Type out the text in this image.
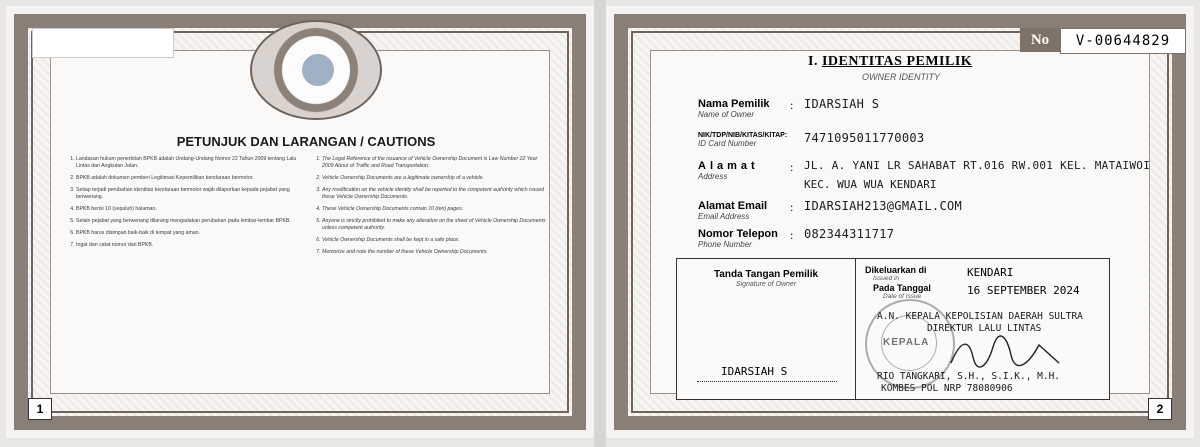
PETUNJUK DAN LARANGAN / CAUTIONS
1. Landasan hukum penerbitan BPKB adalah Undang-Undang Nomor 22 Tahun 2009 tentang Lalu Lintas dan Angkutan Jalan.
2. BPKB adalah dokumen pemberi Legitimasi Kepemilikan kendaraan bermotor.
3. Setiap terjadi perubahan identitas kendaraan bermotor wajib dilaporkan kepada pejabat yang berwenang.
4. BPKB berisi 10 (sepuluh) halaman.
5. Selain pejabat yang berwenang dilarang mengadakan perubahan pada lembar-lembar BPKB.
6. BPKB harus disimpan baik-baik di tempat yang aman.
7. Ingat dan catat nomor dari BPKB.
1. The Legal Reference of the issuance of Vehicle Ownership Document is Law Number 22 Year 2009 About of Traffic and Road Transportation.
2. Vehicle Ownership Documents are a legitimate ownership of a vehicle.
3. Any modification on the vehicle identity shall be reported to the competent authority which issued these Vehicle Ownership Documents.
4. These Vehicle Ownership Documents contain 10 (ten) pages.
5. Anyone is strictly prohibited to make any alteration on the sheet of Vehicle Ownership Documents unless competent authority.
6. Vehicle Ownership Documents shall be kept in a safe place.
7. Memorize and note the number of these Vehicle Ownership Documents.
1
No	V-00644829
I. IDENTITAS PEMILIK
OWNER IDENTITY
Nama Pemilik
Name of Owner
: IDARSIAH S
NIK/TDP/NIB/KITAS/KITAP:
ID Card Number	7471095011770003
Alamat
Address
: JL. A. YANI LR SAHABAT RT.016 RW.001 KEL. MATAIWOI
KEC. WUA WUA KENDARI
Alamat Email
Email Address
: IDARSIAH213@GMAIL.COM
Nomor Telepon
Phone Number
: 082344311717
Tanda Tangan Pemilik
Signature of Owner
IDARSIAH S
Dikeluarkan di
Issued in	KENDARI
Pada Tanggal
Date of Issue	16 SEPTEMBER 2024
KEPALA
A.N. KEPALA KEPOLISIAN DAERAH SULTRA
DIREKTUR LALU LINTAS
RIO TANGKARI, S.H., S.I.K., M.H.
KOMBES POL NRP 78080906
2
